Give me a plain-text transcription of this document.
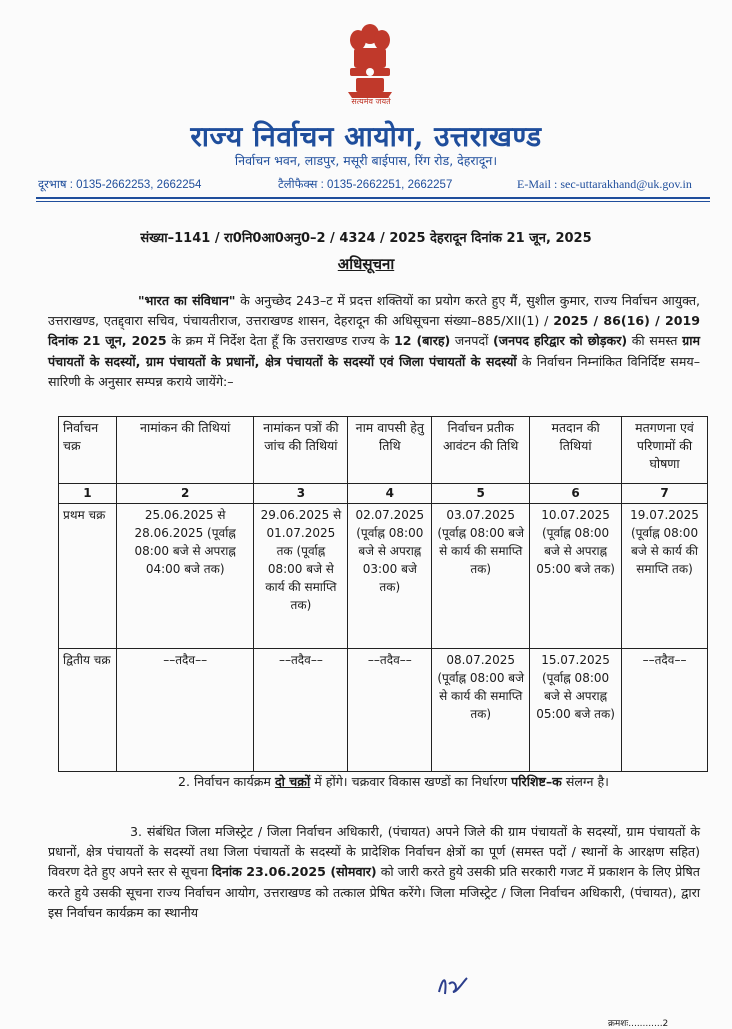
सत्यमेव जयते
राज्य निर्वाचन आयोग, उत्तराखण्ड
निर्वाचन भवन, लाडपुर, मसूरी बाईपास, रिंग रोड, देहरादून।
दूरभाष : 0135-2662253, 2662254	टैलीफैक्स : 0135-2662251, 2662257	E-Mail : sec-uttarakhand@uk.gov.in
संख्या–1141 / रा0नि0आ0अनु0–2 / 4324 / 2025 देहरादून दिनांक 21 जून, 2025
अधिसूचना
"भारत का संविधान" के अनुच्छेद 243–ट में प्रदत्त शक्तियों का प्रयोग करते हुए मैं, सुशील कुमार, राज्य निर्वाचन आयुक्त, उत्तराखण्ड, एतद्द्वारा सचिव, पंचायतीराज, उत्तराखण्ड शासन, देहरादून की अधिसूचना संख्या–885/XII(1) / 2025 / 86(16) / 2019 दिनांक 21 जून, 2025 के क्रम में निर्देश देता हूँ कि उत्तराखण्ड राज्य के 12 (बारह) जनपदों (जनपद हरिद्वार को छोड़कर) की समस्त ग्राम पंचायतों के सदस्यों, ग्राम पंचायतों के प्रधानों, क्षेत्र पंचायतों के सदस्यों एवं जिला पंचायतों के सदस्यों के निर्वाचन निम्नांकित विनिर्दिष्ट समय–सारिणी के अनुसार सम्पन्न कराये जायेंगे:–
निर्वाचन चक्र	नामांकन की तिथियां	नामांकन पत्रों की जांच की तिथियां	नाम वापसी हेतु तिथि	निर्वाचन प्रतीक आवंटन की तिथि	मतदान की तिथियां	मतगणना एवं परिणामों की घोषणा
1	2	3	4	5	6	7
प्रथम चक्र	25.06.2025 से 28.06.2025 (पूर्वाह्न 08:00 बजे से अपराह्न 04:00 बजे तक)	29.06.2025 से 01.07.2025 तक (पूर्वाह्न 08:00 बजे से कार्य की समाप्ति तक)	02.07.2025 (पूर्वाह्न 08:00 बजे से अपराह्न 03:00 बजे तक)	03.07.2025 (पूर्वाह्न 08:00 बजे से कार्य की समाप्ति तक)	10.07.2025 (पूर्वाह्न 08:00 बजे से अपराह्न 05:00 बजे तक)	19.07.2025 (पूर्वाह्न 08:00 बजे से कार्य की समाप्ति तक)
द्वितीय चक्र	––तदैव––	––तदैव––	––तदैव––	08.07.2025 (पूर्वाह्न 08:00 बजे से कार्य की समाप्ति तक)	15.07.2025 (पूर्वाह्न 08:00 बजे से अपराह्न 05:00 बजे तक)	––तदैव––
2. निर्वाचन कार्यक्रम दो चक्रों में होंगे। चक्रवार विकास खण्डों का निर्धारण परिशिष्ट–क संलग्न है।
3. संबंधित जिला मजिस्ट्रेट / जिला निर्वाचन अधिकारी, (पंचायत) अपने जिले की ग्राम पंचायतों के सदस्यों, ग्राम पंचायतों के प्रधानों, क्षेत्र पंचायतों के सदस्यों तथा जिला पंचायतों के सदस्यों के प्रादेशिक निर्वाचन क्षेत्रों का पूर्ण (समस्त पदों / स्थानों के आरक्षण सहित) विवरण देते हुए अपने स्तर से सूचना दिनांक 23.06.2025 (सोमवार) को जारी करते हुये उसकी प्रति सरकारी गजट में प्रकाशन के लिए प्रेषित करते हुये उसकी सूचना राज्य निर्वाचन आयोग, उत्तराखण्ड को तत्काल प्रेषित करेंगे। जिला मजिस्ट्रेट / जिला निर्वाचन अधिकारी, (पंचायत), द्वारा इस निर्वाचन कार्यक्रम का स्थानीय
क्रमशः............2
